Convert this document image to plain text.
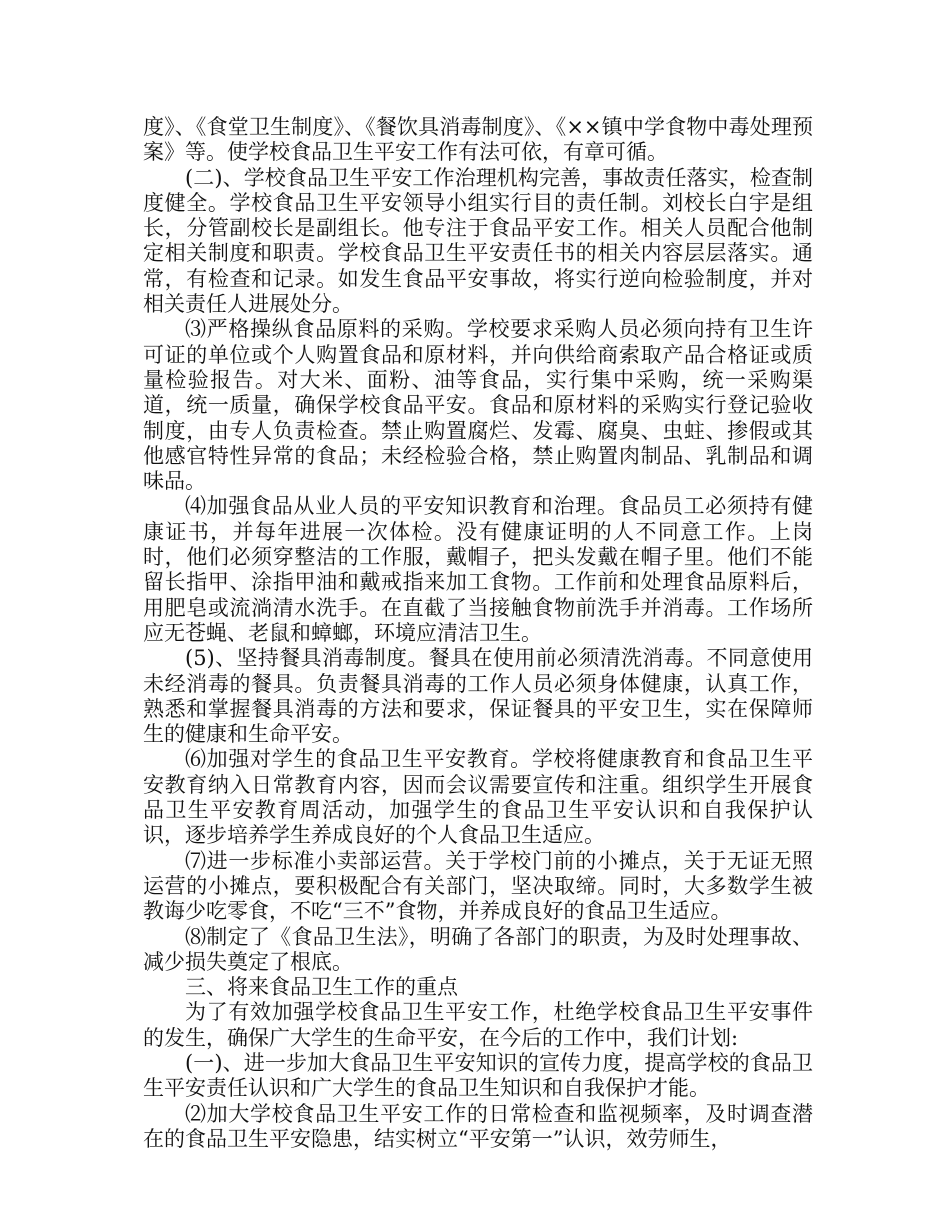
度》、《食堂卫生制度》、《餐饮具消毒制度》、《××镇中学食物中毒处理预案》等。使学校食品卫生平安工作有法可依，有章可循。

(二)、学校食品卫生平安工作治理机构完善，事故责任落实，检查制度健全。学校食品卫生平安领导小组实行目的责任制。刘校长白宇是组长，分管副校长是副组长。他专注于食品平安工作。相关人员配合他制定相关制度和职责。学校食品卫生平安责任书的相关内容层层落实。通常，有检查和记录。如发生食品平安事故，将实行逆向检验制度，并对相关责任人进展处分。

⑶严格操纵食品原料的采购。学校要求采购人员必须向持有卫生许可证的单位或个人购置食品和原材料，并向供给商索取产品合格证或质量检验报告。对大米、面粉、油等食品，实行集中采购，统一采购渠道，统一质量，确保学校食品平安。食品和原材料的采购实行登记验收制度，由专人负责检查。禁止购置腐烂、发霉、腐臭、虫蛀、掺假或其他感官特性异常的食品；未经检验合格，禁止购置肉制品、乳制品和调味品。

⑷加强食品从业人员的平安知识教育和治理。食品员工必须持有健康证书，并每年进展一次体检。没有健康证明的人不同意工作。上岗时，他们必须穿整洁的工作服，戴帽子，把头发戴在帽子里。他们不能留长指甲、涂指甲油和戴戒指来加工食物。工作前和处理食品原料后，用肥皂或流淌清水洗手。在直截了当接触食物前洗手并消毒。工作场所应无苍蝇、老鼠和蟑螂，环境应清洁卫生。

(5)、坚持餐具消毒制度。餐具在使用前必须清洗消毒。不同意使用未经消毒的餐具。负责餐具消毒的工作人员必须身体健康，认真工作，熟悉和掌握餐具消毒的方法和要求，保证餐具的平安卫生，实在保障师生的健康和生命平安。

⑹加强对学生的食品卫生平安教育。学校将健康教育和食品卫生平安教育纳入日常教育内容，因而会议需要宣传和注重。组织学生开展食品卫生平安教育周活动，加强学生的食品卫生平安认识和自我保护认识，逐步培养学生养成良好的个人食品卫生适应。

⑺进一步标准小卖部运营。关于学校门前的小摊点，关于无证无照运营的小摊点，要积极配合有关部门，坚决取缔。同时，大多数学生被教诲少吃零食，不吃“三不”食物，并养成良好的食品卫生适应。

⑻制定了《食品卫生法》，明确了各部门的职责，为及时处理事故、减少损失奠定了根底。

三、将来食品卫生工作的重点

为了有效加强学校食品卫生平安工作，杜绝学校食品卫生平安事件的发生，确保广大学生的生命平安，在今后的工作中，我们计划:

(一)、进一步加大食品卫生平安知识的宣传力度，提高学校的食品卫生平安责任认识和广大学生的食品卫生知识和自我保护才能。

⑵加大学校食品卫生平安工作的日常检查和监视频率，及时调查潜在的食品卫生平安隐患，结实树立“平安第一”认识，效劳师生，
